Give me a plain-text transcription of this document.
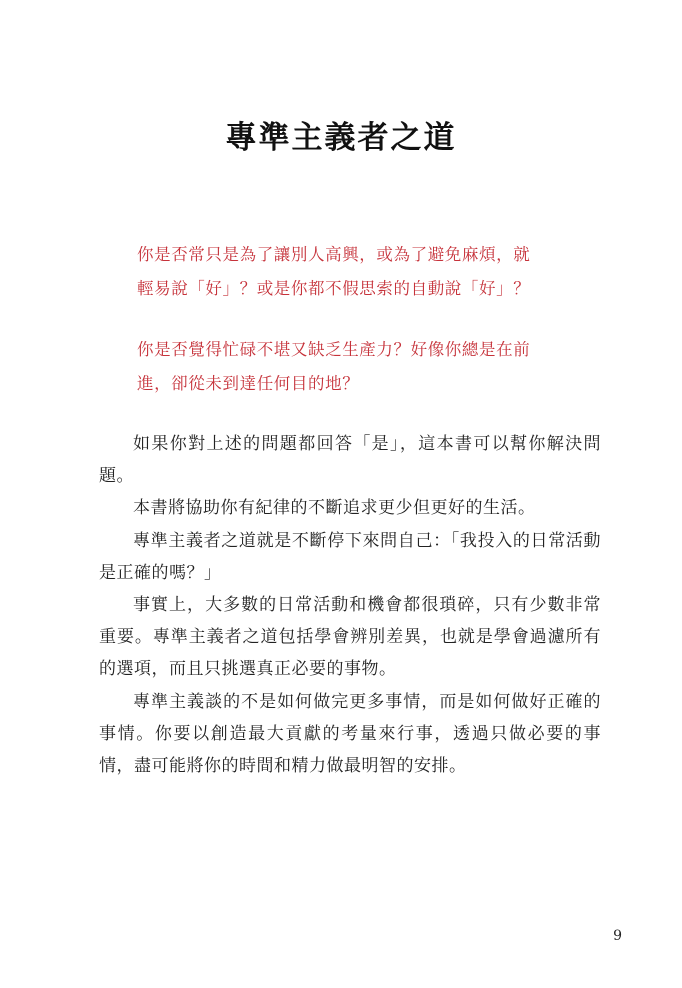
專準主義者之道

你是否常只是為了讓別人高興，或為了避免麻煩，就

輕易說「好」？或是你都不假思索的自動說「好」？

你是否覺得忙碌不堪又缺乏生產力？好像你總是在前

進，卻從未到達任何目的地？

如果你對上述的問題都回答「是」，這本書可以幫你解決問題。

本書將協助你有紀律的不斷追求更少但更好的生活。

專準主義者之道就是不斷停下來問自己：「我投入的日常活動是正確的嗎？」

事實上，大多數的日常活動和機會都很瑣碎，只有少數非常重要。專準主義者之道包括學會辨別差異，也就是學會過濾所有的選項，而且只挑選真正必要的事物。

專準主義談的不是如何做完更多事情，而是如何做好正確的事情。你要以創造最大貢獻的考量來行事，透過只做必要的事情，盡可能將你的時間和精力做最明智的安排。

9
